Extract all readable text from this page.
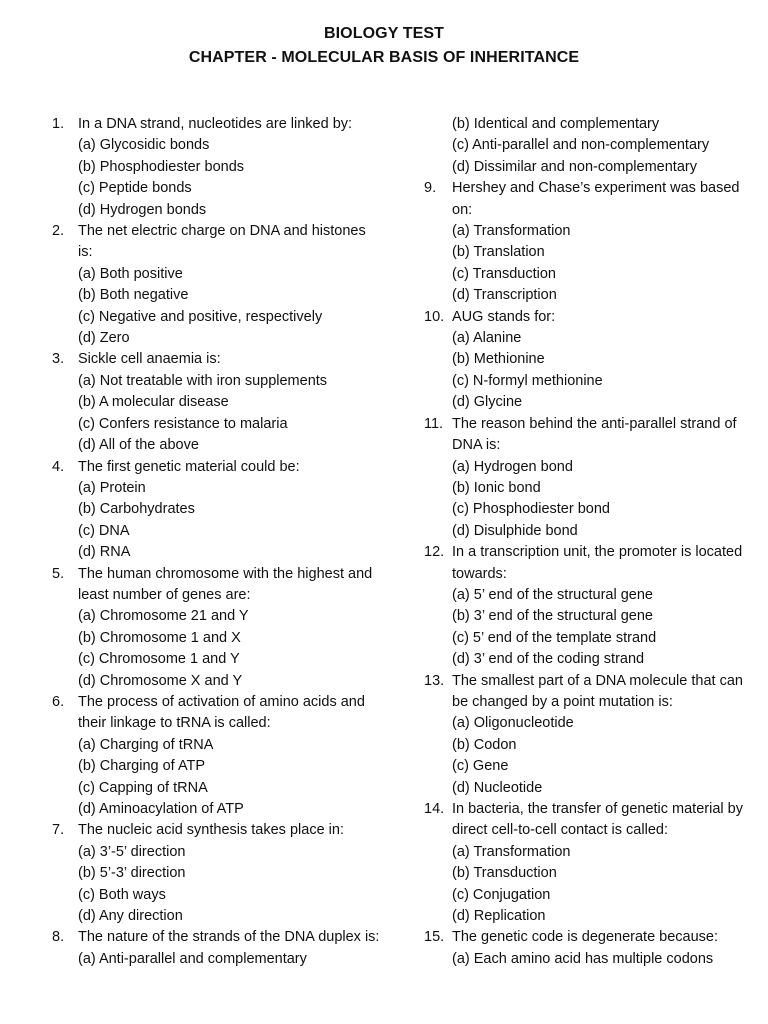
BIOLOGY TEST
CHAPTER - MOLECULAR BASIS OF INHERITANCE
1. In a DNA strand, nucleotides are linked by:
(a) Glycosidic bonds
(b) Phosphodiester bonds
(c) Peptide bonds
(d) Hydrogen bonds
2. The net electric charge on DNA and histones is:
(a) Both positive
(b) Both negative
(c) Negative and positive, respectively
(d) Zero
3. Sickle cell anaemia is:
(a) Not treatable with iron supplements
(b) A molecular disease
(c) Confers resistance to malaria
(d) All of the above
4. The first genetic material could be:
(a) Protein
(b) Carbohydrates
(c) DNA
(d) RNA
5. The human chromosome with the highest and least number of genes are:
(a) Chromosome 21 and Y
(b) Chromosome 1 and X
(c) Chromosome 1 and Y
(d) Chromosome X and Y
6. The process of activation of amino acids and their linkage to tRNA is called:
(a) Charging of tRNA
(b) Charging of ATP
(c) Capping of tRNA
(d) Aminoacylation of ATP
7. The nucleic acid synthesis takes place in:
(a) 3’-5’ direction
(b) 5’-3’ direction
(c) Both ways
(d) Any direction
8. The nature of the strands of the DNA duplex is:
(a) Anti-parallel and complementary
(b) Identical and complementary
(c) Anti-parallel and non-complementary
(d) Dissimilar and non-complementary
9.	Hershey and Chase’s experiment was based on:
(a) Transformation
(b) Translation
(c) Transduction
(d) Transcription
10. AUG stands for:
(a) Alanine
(b) Methionine
(c) N-formyl methionine
(d) Glycine
11. The reason behind the anti-parallel strand of DNA is:
(a) Hydrogen bond
(b) Ionic bond
(c) Phosphodiester bond
(d) Disulphide bond
12. In a transcription unit, the promoter is located towards:
(a) 5’ end of the structural gene
(b) 3’ end of the structural gene
(c) 5’ end of the template strand
(d) 3’ end of the coding strand
13. The smallest part of a DNA molecule that can be changed by a point mutation is:
(a) Oligonucleotide
(b) Codon
(c) Gene
(d) Nucleotide
14. In bacteria, the transfer of genetic material by direct cell-to-cell contact is called:
(a) Transformation
(b) Transduction
(c) Conjugation
(d) Replication
15. The genetic code is degenerate because:
(a) Each amino acid has multiple codons
